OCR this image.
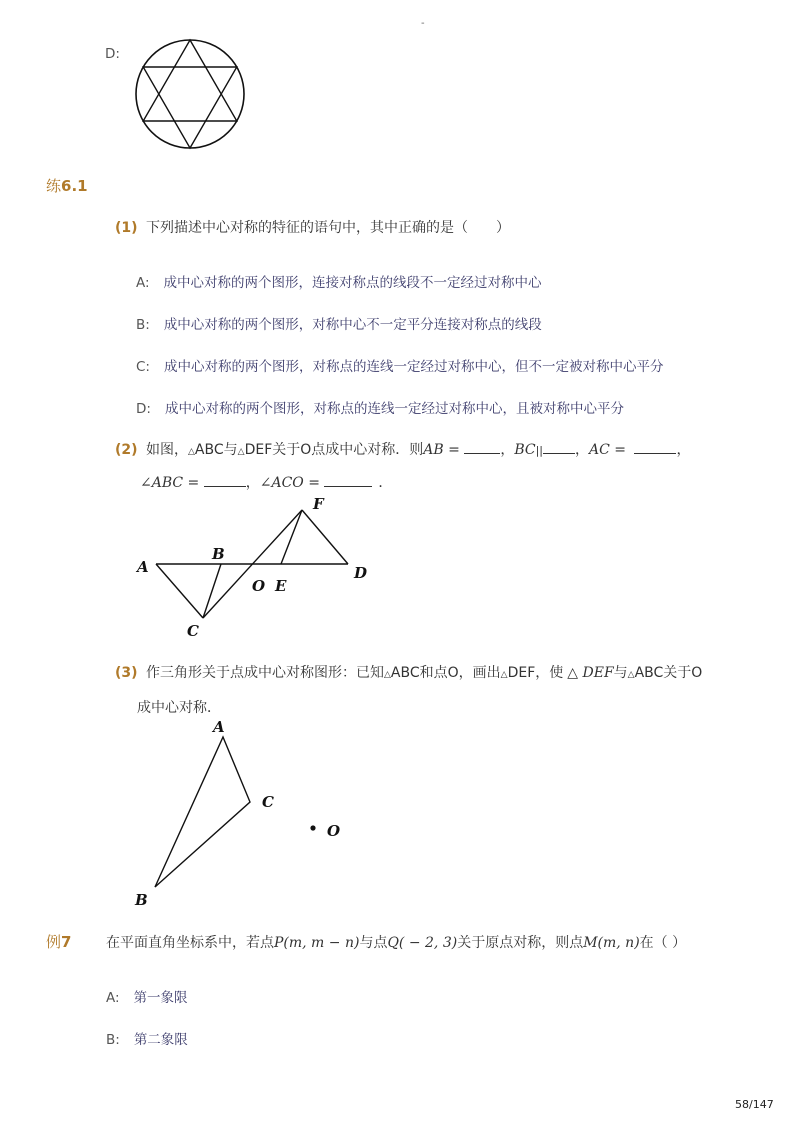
-
D:
练6.1
(1) 下列描述中心对称的特征的语句中，其中正确的是（　　）
A: 成中心对称的两个图形，连接对称点的线段不一定经过对称中心
B: 成中心对称的两个图形，对称中心不一定平分连接对称点的线段
C: 成中心对称的两个图形，对称点的连线一定经过对称中心，但不一定被对称中心平分
D: 成中心对称的两个图形，对称点的连线一定经过对称中心，且被对称中心平分
(2) 如图，△ABC与△DEF关于O点成中心对称．则AB =	，BC|| ，AC =	，
∠ABC =	，∠ACO =	．
A
B
C
O E
D
F
(3) 作三角形关于点成中心对称图形：已知△ABC和点O，画出△DEF，使 △ DEF与△ABC关于O
成中心对称．
A
C
B
O
例7 在平面直角坐标系中，若点P(m, m − n)与点Q( − 2, 3)关于原点对称，则点M(m, n)在（ ）
A: 第一象限
B: 第二象限
58/147
